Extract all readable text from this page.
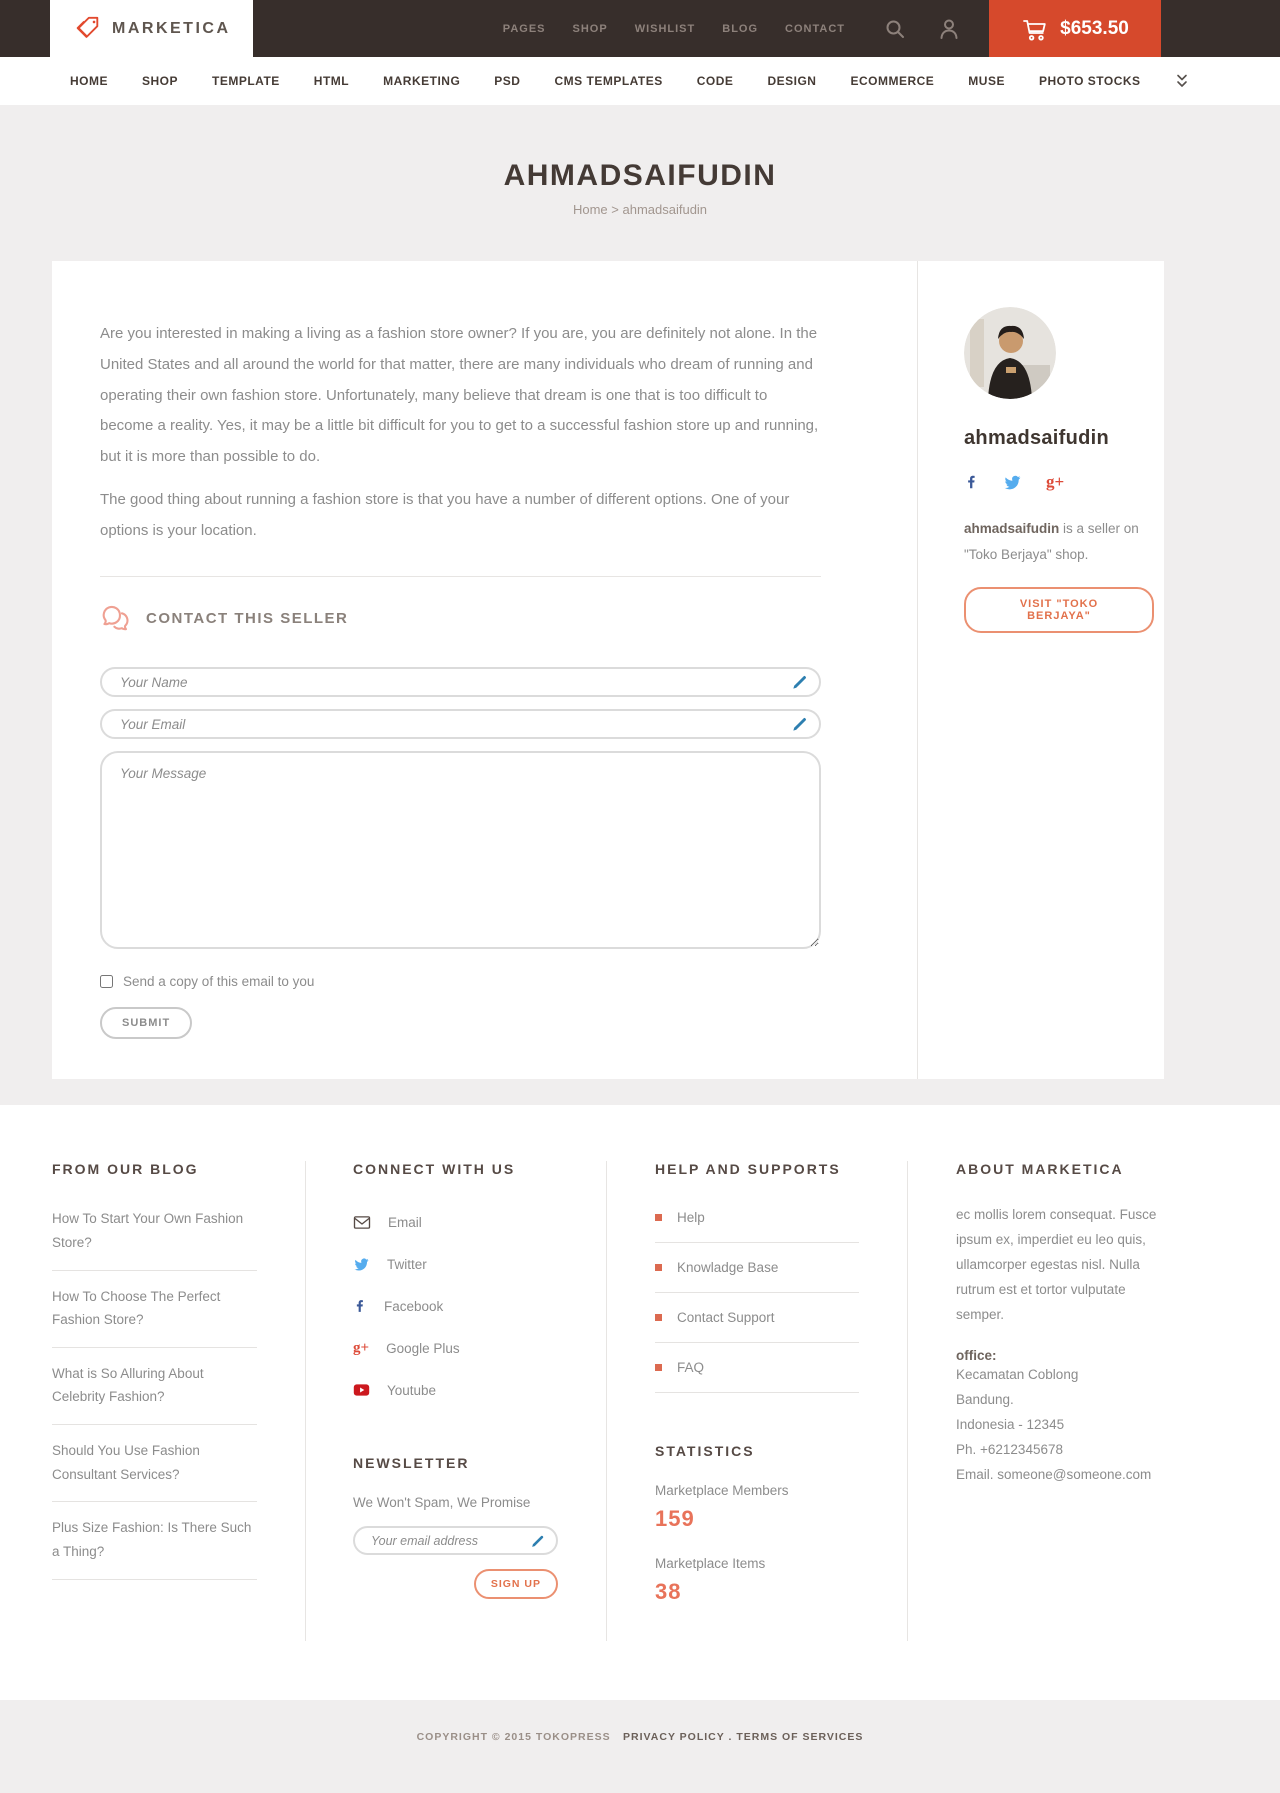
MARKETICA	PAGES SHOP WISHLIST BLOG CONTACT	$653.50
HOME	SHOP	TEMPLATE	HTML	MARKETING	PSD	CMS TEMPLATES	CODE	DESIGN	ECOMMERCE	MUSE	PHOTO STOCKS
AHMADSAIFUDIN
Home > ahmadsaifudin

Are you interested in making a living as a fashion store owner? If you are, you are definitely not alone. In the United States and all around the world for that matter, there are many individuals who dream of running and operating their own fashion store. Unfortunately, many believe that dream is one that is too difficult to become a reality. Yes, it may be a little bit difficult for you to get to a successful fashion store up and running, but it is more than possible to do.

The good thing about running a fashion store is that you have a number of different options. One of your options is your location.

CONTACT THIS SELLER
Your Name
Your Email
Your Message
Send a copy of this email to you
SUBMIT
ahmadsaifudin
g+
ahmadsaifudin is a seller on "Toko Berjaya" shop.
VISIT "TOKO BERJAYA"
FROM OUR BLOG
How To Start Your Own Fashion Store?
How To Choose The Perfect Fashion Store?
What is So Alluring About Celebrity Fashion?
Should You Use Fashion Consultant Services?
Plus Size Fashion: Is There Such a Thing?
CONNECT WITH US
Email
Twitter
Facebook
g+ Google Plus
Youtube
NEWSLETTER
We Won't Spam, We Promise
Your email address
SIGN UP
HELP AND SUPPORTS
Help
Knowladge Base
Contact Support
FAQ
STATISTICS
Marketplace Members
159
Marketplace Items
38
ABOUT MARKETICA
ec mollis lorem consequat. Fusce ipsum ex, imperdiet eu leo quis, ullamcorper egestas nisl. Nulla rutrum est et tortor vulputate semper.
office:
Kecamatan Coblong
Bandung.
Indonesia - 12345
Ph. +6212345678
Email. someone@someone.com
COPYRIGHT © 2015 TOKOPRESS PRIVACY POLICY . TERMS OF SERVICES
